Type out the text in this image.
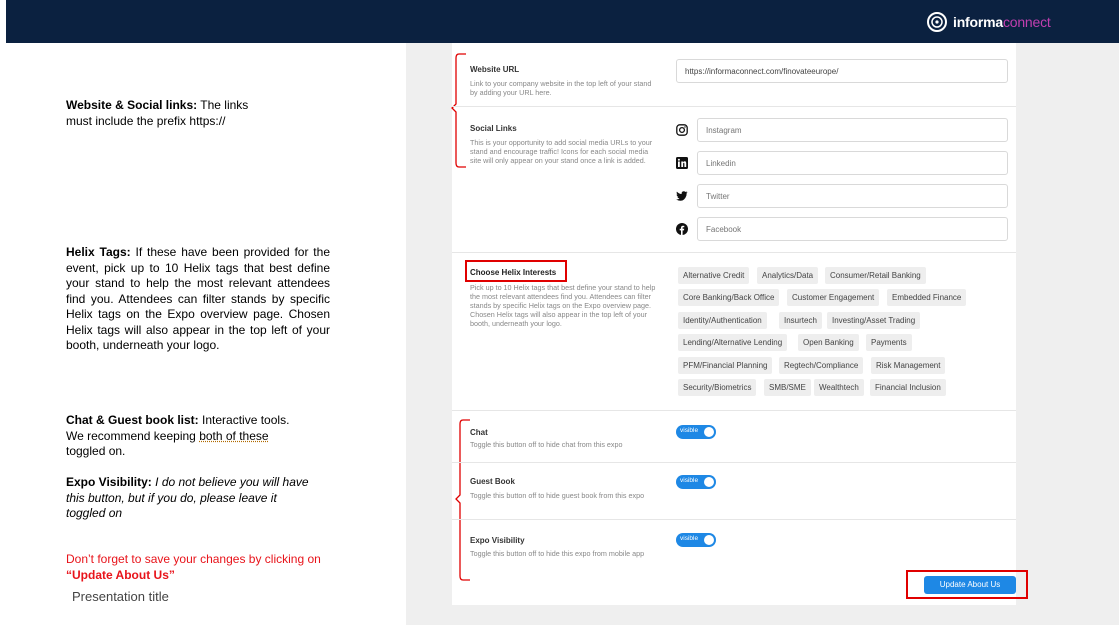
informa connect
Website & Social links: The links must include the prefix https://
Helix Tags: If these have been provided for the event, pick up to 10 Helix tags that best define your stand to help the most relevant attendees find you. Attendees can filter stands by specific Helix tags on the Expo overview page. Chosen Helix tags will also appear in the top left of your booth, underneath your logo.
Chat & Guest book list: Interactive tools. We recommend keeping both of these toggled on.
Expo Visibility: I do not believe you will have this button, but if you do, please leave it toggled on
Don’t forget to save your changes by clicking on “Update About Us”
Presentation title
Website URL
Link to your company website in the top left of your stand by adding your URL here.
https://informaconnect.com/finovateeurope/
Social Links
This is your opportunity to add social media URLs to your stand and encourage traffic! Icons for each social media site will only appear on your stand once a link is added.
Instagram
Linkedin
Twitter
Facebook
Choose Helix Interests
Pick up to 10 Helix tags that best define your stand to help the most relevant attendees find you. Attendees can filter stands by specific Helix tags on the Expo overview page. Chosen Helix tags will also appear in the top left of your booth, underneath your logo.
Alternative Credit	Analytics/Data	Consumer/Retail Banking
Core Banking/Back Office	Customer Engagement	Embedded Finance
Identity/Authentication	Insurtech	Investing/Asset Trading
Lending/Alternative Lending	Open Banking	Payments
PFM/Financial Planning	Regtech/Compliance	Risk Management
Security/Biometrics	SMB/SME	Wealthtech	Financial Inclusion
Chat
Toggle this button off to hide chat from this expo
visible
Guest Book
Toggle this button off to hide guest book from this expo
visible
Expo Visibility
Toggle this button off to hide this expo from mobile app
visible
Update About Us
